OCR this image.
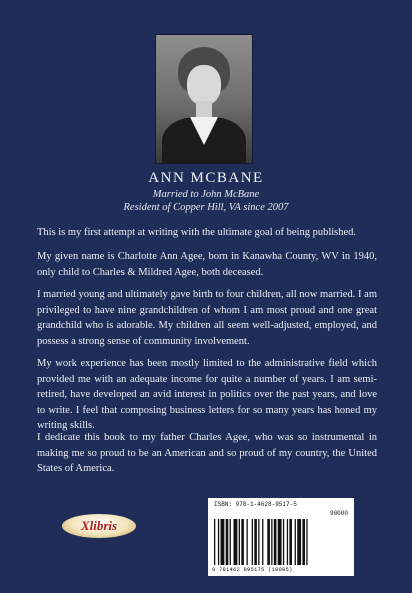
ANN MCBANE
Married to John McBane
Resident of Copper Hill, VA since 2007

This is my first attempt at writing with the ultimate goal of being published.

My given name is Charlotte Ann Agee, born in Kanawha County, WV in 1940, only child to Charles & Mildred Agee, both deceased.

I married young and ultimately gave birth to four children, all now married. I am privileged to have nine grandchildren of whom I am most proud and one great grandchild who is adorable. My children all seem well-adjusted, employed, and possess a strong sense of community involvement.

My work experience has been mostly limited to the administrative field which provided me with an adequate income for quite a number of years. I am semi-retired, have developed an avid interest in politics over the past years, and love to write. I feel that composing business letters for so many years has honed my writing skills.

I dedicate this book to my father Charles Agee, who was so instrumental in making me so proud to be an American and so proud of my country, the United States of America.

Xlibris
ISBN: 978-1-4628-9517-5
90000
9 781462 895175 (10085)
